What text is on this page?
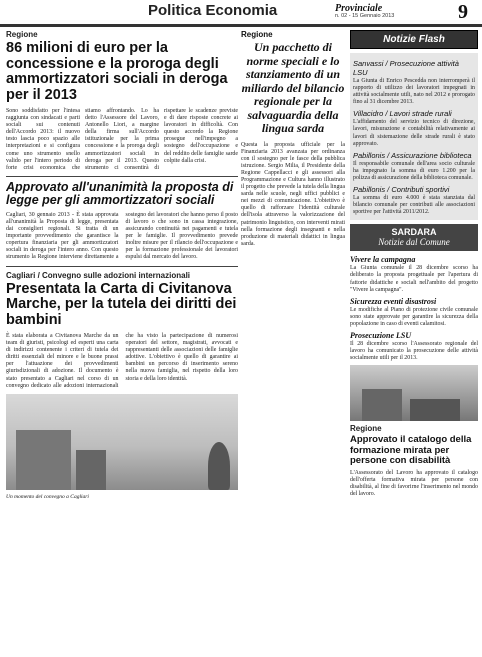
Politica Economia	Provinciale
n. 02 - 15 Gennaio 2013	9
Regione
86 milioni di euro per la concessione e la proroga degli ammortizzatori sociali in deroga per il 2013
Sono soddisfatto per l'intesa raggiunta con sindacati e parti sociali sui contenuti dell'Accordo 2013: il nuovo testo lascia poco spazio alle interpretazioni e si configura come uno strumento snello valido per l'intero periodo di forte crisi economica che stiamo affrontando. Lo ha detto l'Assessore del Lavoro, Antonello Liori, a margine della firma sull'Accordo istituzionale per la prima concessione e la proroga degli ammortizzatori sociali in deroga per il 2013. Questo strumento ci consentirà di rispettare le scadenze previste e di dare risposte concrete ai lavoratori in difficoltà. Con questo accordo la Regione prosegue nell'impegno a sostegno dell'occupazione e del reddito delle famiglie sarde colpite dalla crisi.
Approvato all'unanimità la proposta di legge per gli ammortizzatori sociali
Cagliari, 30 gennaio 2013 - È stata approvata all'unanimità la Proposta di legge, presentata dai consiglieri regionali. Si tratta di un importante provvedimento che garantisce la copertura finanziaria per gli ammortizzatori sociali in deroga per l'intero anno. Con questo strumento la Regione interviene direttamente a sostegno dei lavoratori che hanno perso il posto di lavoro o che sono in cassa integrazione, assicurando continuità nei pagamenti e tutela per le famiglie. Il provvedimento prevede inoltre misure per il rilancio dell'occupazione e per la formazione professionale dei lavoratori espulsi dal mercato del lavoro.
Cagliari / Convegno sulle adozioni internazionali
Presentata la Carta di Civitanova Marche, per la tutela dei diritti dei bambini
È stata elaborata a Civitanova Marche da un team di giuristi, psicologi ed esperti una carta di indirizzi contenente i criteri di tutela dei diritti essenziali del minore e le buone prassi per l'attuazione dei provvedimenti giurisdizionali di adozione. Il documento è stato presentato a Cagliari nel corso di un convegno dedicato alle adozioni internazionali che ha visto la partecipazione di numerosi operatori del settore, magistrati, avvocati e rappresentanti delle associazioni delle famiglie adottive. L'obiettivo è quello di garantire ai bambini un percorso di inserimento sereno nella nuova famiglia, nel rispetto della loro storia e della loro identità.
Un momento del convegno a Cagliari
Regione
Un pacchetto di norme speciali e lo stanziamento di un miliardo del bilancio regionale per la salvaguardia della lingua sarda
Questa la proposta ufficiale per la Finanziaria 2013 avanzata per ordinanza con il sostegno per le fasce della pubblica istruzione. Sergio Milia, il Presidente della Regione Cappellacci e gli assessori alla Programmazione e Cultura hanno illustrato il progetto che prevede la tutela della lingua sarda nelle scuole, negli uffici pubblici e nei mezzi di comunicazione. L'obiettivo è quello di rafforzare l'identità culturale dell'isola attraverso la valorizzazione del patrimonio linguistico, con interventi mirati nella formazione degli insegnanti e nella produzione di materiali didattici in lingua sarda.
Notizie Flash
Sanvassi / Prosecuzione attività LSU
La Giunta di Enrico Pescedda non interromperà il rapporto di utilizzo dei lavoratori impegnati in attività socialmente utili, nato nel 2012 e prorogato fino al 31 dicembre 2013.
Villacidro / Lavori strade rurali
L'affidamento del servizio tecnico di direzione, lavori, misurazione e contabilità relativamente ai lavori di sistemazione delle strade rurali è stato approvato.
Pabillonis / Assicurazione biblioteca
Il responsabile comunale dell'area socio culturale ha impegnato la somma di euro 1.200 per la polizza di assicurazione della biblioteca comunale.
Pabillonis / Contributi sportivi
La somma di euro 4.000 è stata stanziata dal bilancio comunale per contributi alle associazioni sportive per l'attività 2011/2012.
SARDARA
Notizie dal Comune
Vivere la campagna
La Giunta comunale il 28 dicembre scorso ha deliberato la proposta progettuale per l'apertura di fattorie didattiche e sociali nell'ambito del progetto "Vivere la campagna".
Sicurezza eventi disastrosi
Le modifiche al Piano di protezione civile comunale sono state approvate per garantire la sicurezza della popolazione in caso di eventi calamitosi.
Prosecuzione LSU
Il 28 dicembre scorso l'Assessorato regionale del lavoro ha comunicato la prosecuzione delle attività socialmente utili per il 2013.
Regione
Approvato il catalogo della formazione mirata per persone con disabilità
L'Assessorato del Lavoro ha approvato il catalogo dell'offerta formativa mirata per persone con disabilità, al fine di favorirne l'inserimento nel mondo del lavoro.
